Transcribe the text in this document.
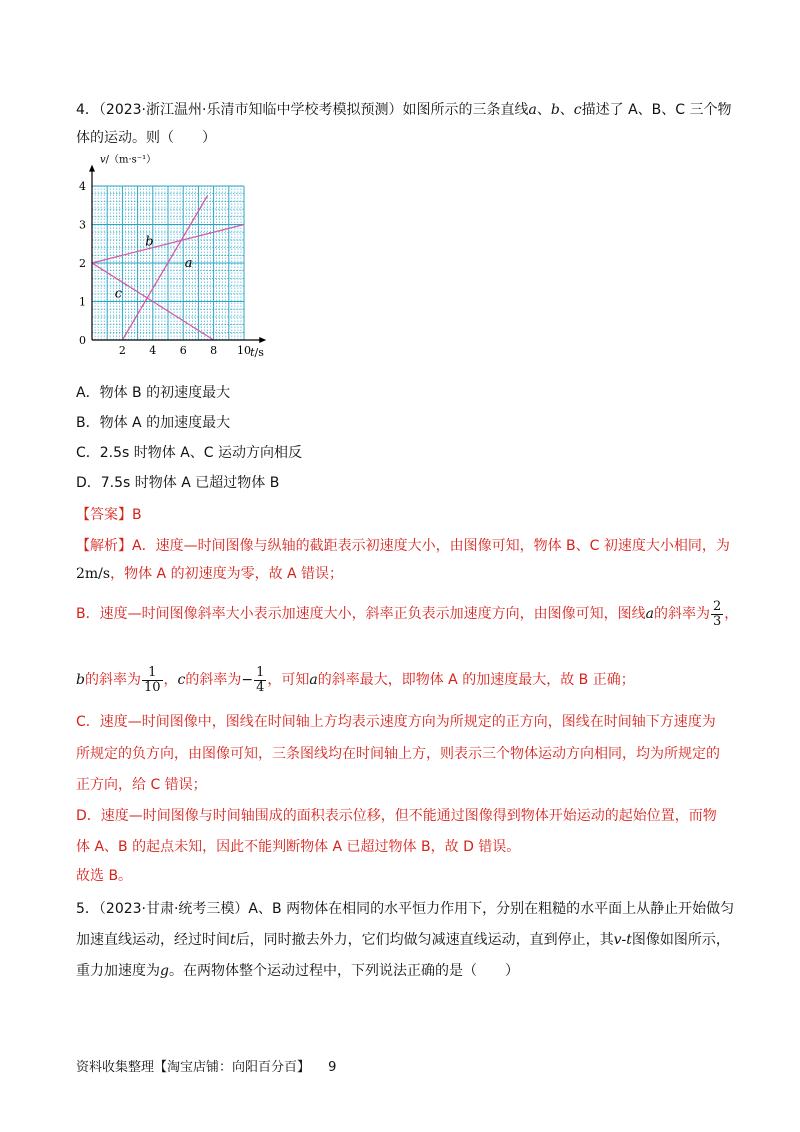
4．（2023·浙江温州·乐清市知临中学校考模拟预测）如图所示的三条直线a、b、c描述了 A、B、C 三个物
体的运动。则（　　）
a
b
c
2 4 6 8 10
1
2
3
4
0
v/（m·s⁻¹）
t/s
A．物体 B 的初速度最大
B．物体 A 的加速度最大
C．2.5s 时物体 A、C 运动方向相反
D．7.5s 时物体 A 已超过物体 B
【答案】B
【解析】A．速度—时间图像与纵轴的截距表示初速度大小，由图像可知，物体 B、C 初速度大小相同，为
2m/s，物体 A 的初速度为零，故 A 错误；
B．速度—时间图像斜率大小表示加速度大小，斜率正负表示加速度方向，由图像可知，图线a的斜率为 $\frac{2}{3}$ ，
b的斜率为 $\frac{1}{10}$ ，c的斜率为− $\frac{1}{4}$ ，可知a的斜率最大，即物体 A 的加速度最大，故 B 正确；
C．速度—时间图像中，图线在时间轴上方均表示速度方向为所规定的正方向，图线在时间轴下方速度为
所规定的负方向，由图像可知，三条图线均在时间轴上方，则表示三个物体运动方向相同，均为所规定的
正方向，给 C 错误；
D．速度—时间图像与时间轴围成的面积表示位移，但不能通过图像得到物体开始运动的起始位置，而物
体 A、B 的起点未知，因此不能判断物体 A 已超过物体 B，故 D 错误。
故选 B。
5．（2023·甘肃·统考三模）A、B 两物体在相同的水平恒力作用下，分别在粗糙的水平面上从静止开始做匀
加速直线运动，经过时间t后，同时撤去外力，它们均做匀减速直线运动，直到停止，其v-t图像如图所示，
重力加速度为g。在两物体整个运动过程中，下列说法正确的是（　　）
资料收集整理【淘宝店铺：向阳百分百】 9
